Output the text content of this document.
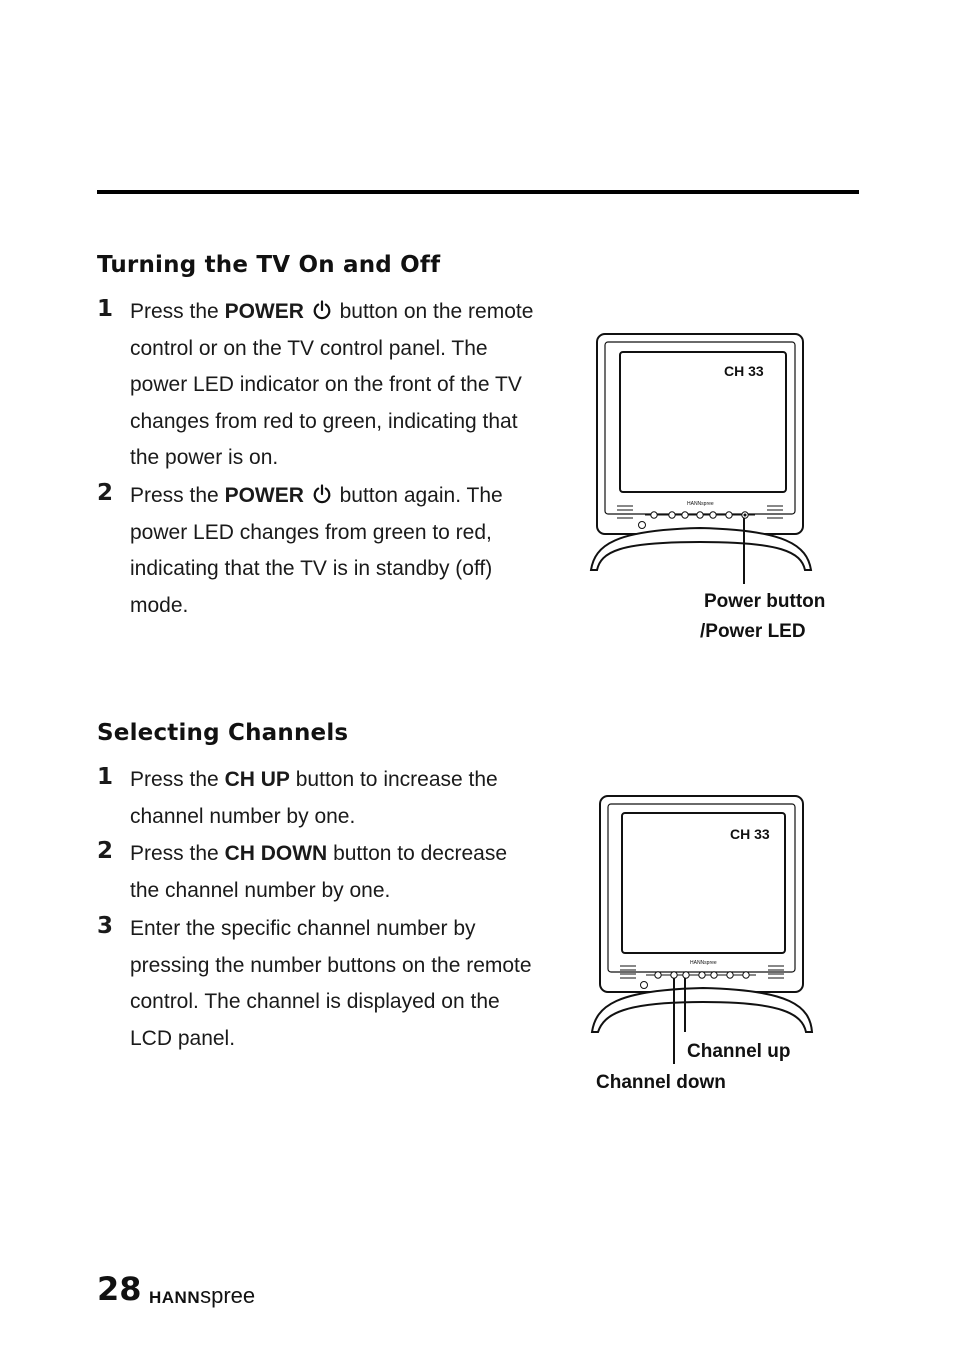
Turning the TV On and Off
1 Press the POWER button on the remote control or on the TV control panel. The power LED indicator on the front of the TV changes from red to green, indicating that the power is on.
2 Press the POWER button again. The power LED changes from green to red, indicating that the TV is in standby (off) mode.
CH 33
HANNspree
Power button
/Power LED
Selecting Channels
1 Press the CH UP button to increase the channel number by one.
2 Press the CH DOWN button to decrease the channel number by one.
3 Enter the specific channel number by pressing the number buttons on the remote control. The channel is displayed on the LCD panel.
CH 33
HANNspree
Channel up
Channel down
28 HANNspree
